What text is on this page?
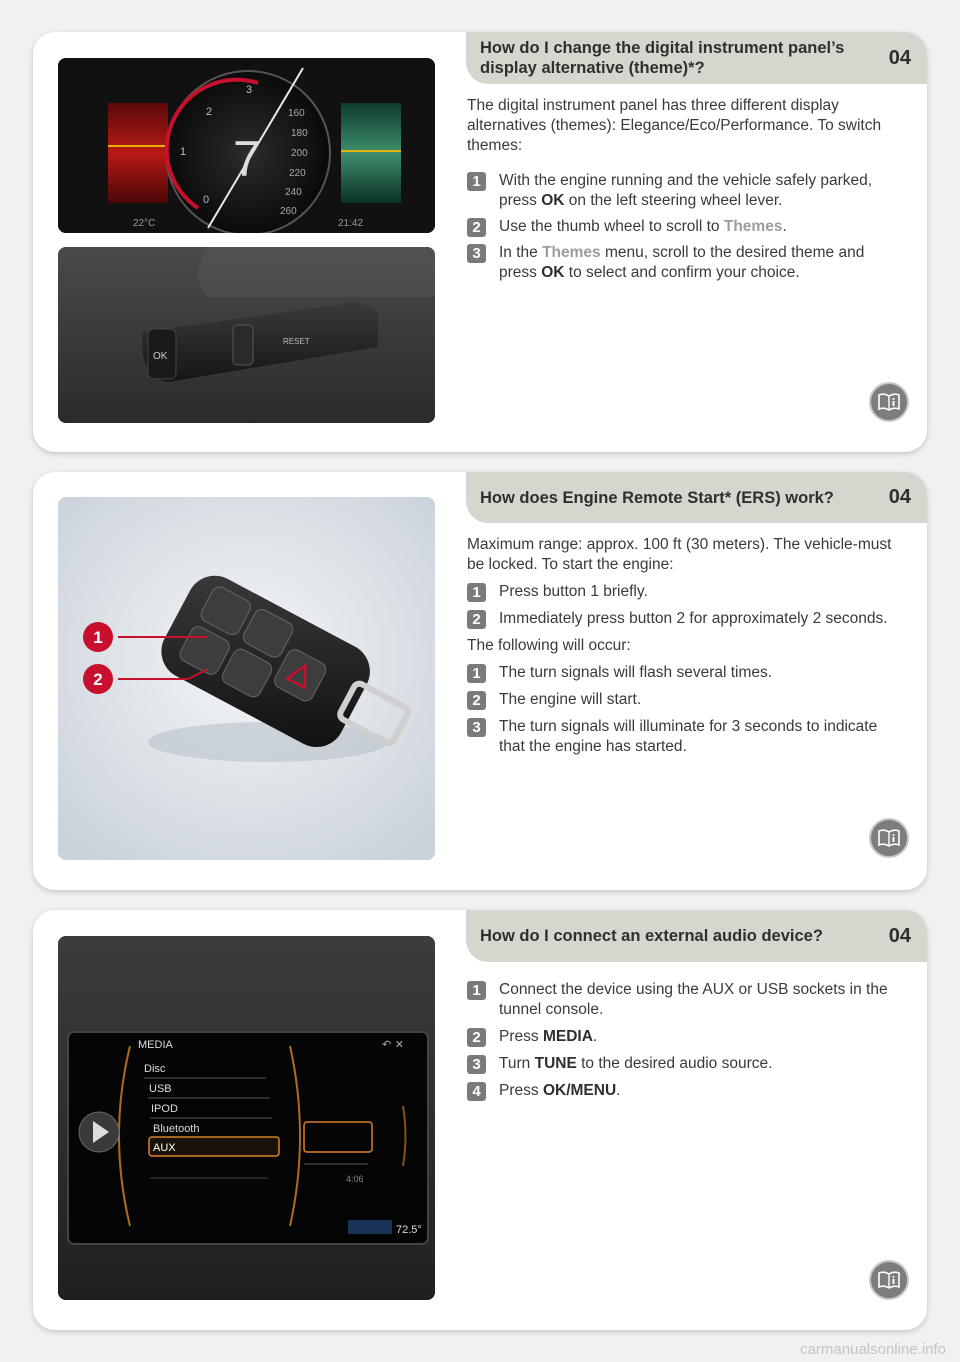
How do I change the digital instrument panel’s display alternative (theme)*?	04
7
0
1
2
3
160
180
200
220
240
260
22°C	21:42
OK
RESET

The digital instrument panel has three different display alternatives (themes): Elegance/Eco/Performance. To switch themes:

1	With the engine running and the vehicle safely parked, press OK on the left steering wheel lever.

2	Use the thumb wheel to scroll to Themes.

3	In the Themes menu, scroll to the desired theme and press OK to select and confirm your choice.

How does Engine Remote Start* (ERS) work?	04
1
2

Maximum range: approx. 100 ft (30 meters). The vehicle-must be locked. To start the engine:

1	Press button 1 briefly.

2	Immediately press button 2 for approximately 2 seconds.

The following will occur:

1	The turn signals will flash several times.

2	The engine will start.

3	The turn signals will illuminate for 3 seconds to indicate that the engine has started.

How do I connect an external audio device?	04
MEDIA
Disc
USB
IPOD
Bluetooth
AUX
4:06
↶ ✕
72.5°

1	Connect the device using the AUX or USB sockets in the tunnel console.

2	Press MEDIA.

3	Turn TUNE to the desired audio source.

4	Press OK/MENU.

carmanualsonline.info
